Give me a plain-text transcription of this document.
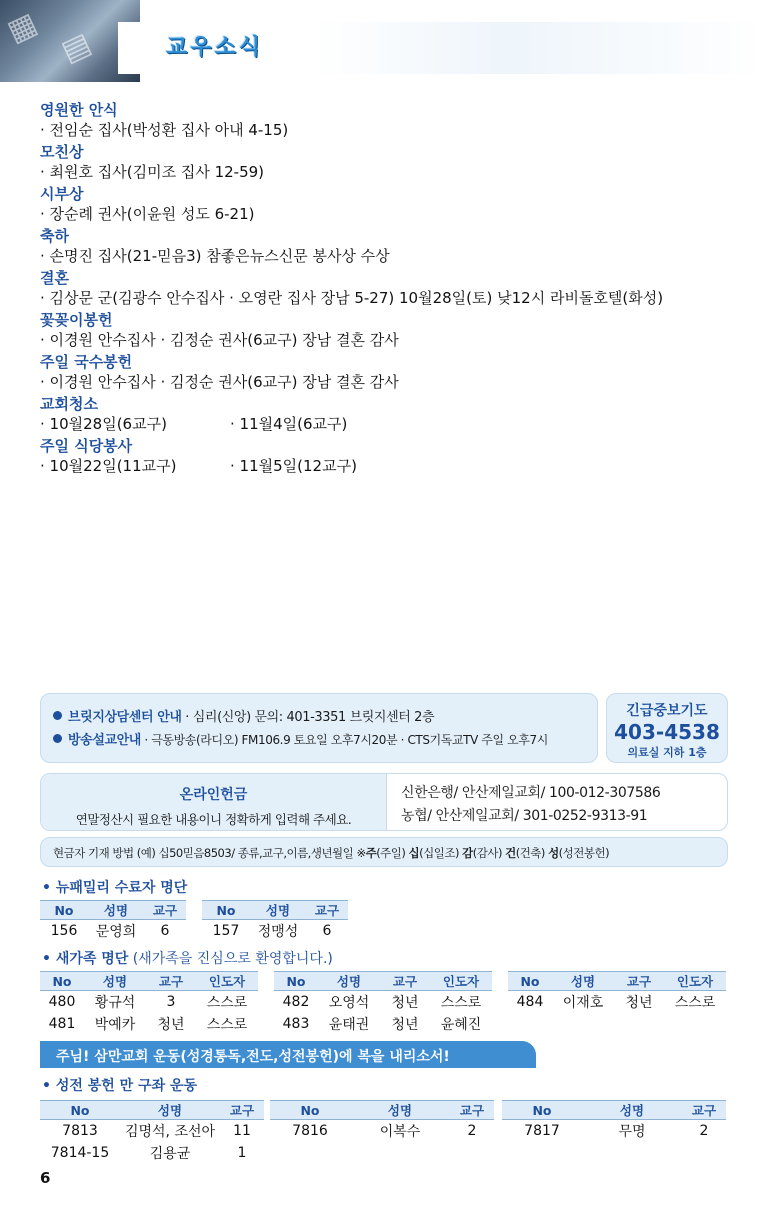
▦ ▤	교우소식
영원한 안식
· 전임순 집사(박성환 집사 아내 4-15)
모친상
· 최원호 집사(김미조 집사 12-59)
시부상
· 장순례 권사(이윤원 성도 6-21)
축하
· 손명진 집사(21-믿음3) 참좋은뉴스신문 봉사상 수상
결혼
· 김상문 군(김광수 안수집사 · 오영란 집사 장남 5-27) 10월28일(토) 낮12시 라비돌호텔(화성)
꽃꽂이봉헌
· 이경원 안수집사 · 김정순 권사(6교구) 장남 결혼 감사
주일 국수봉헌
· 이경원 안수집사 · 김정순 권사(6교구) 장남 결혼 감사
교회청소
· 10월28일(6교구)	· 11월4일(6교구)
주일 식당봉사
· 10월22일(11교구)	· 11월5일(12교구)
브릿지상담센터 안내 · 심리(신앙) 문의: 401-3351 브릿지센터 2층
방송설교안내 · 극동방송(라디오) FM106.9 토요일 오후7시20분 · CTS기독교TV 주일 오후7시
긴급중보기도
403-4538
의료실 지하 1층
온라인헌금
연말정산시 필요한 내용이니 정확하게 입력해 주세요.
신한은행/ 안산제일교회/ 100-012-307586
농협/ 안산제일교회/ 301-0252-9313-91
현금자 기재 방법 (예) 십50믿음8503/ 종류,교구,이름,생년월일 ※주(주일) 십(십일조) 감(감사) 건(건축) 성(성전봉헌)
• 뉴패밀리 수료자 명단
No	성명	교구
156	문영희	6
No	성명	교구
157	정맹성	6
• 새가족 명단 (새가족을 진심으로 환영합니다.)
No	성명	교구	인도자
480	황규석	3	스스로
481	박예카	청년	스스로
No	성명	교구	인도자
482	오영석	청년	스스로
483	윤태권	청년	윤혜진
No	성명	교구	인도자
484	이재호	청년	스스로
주님! 삼만교회 운동(성경통독,전도,성전봉헌)에 복을 내리소서!
• 성전 봉헌 만 구좌 운동
No	성명	교구
7813	김명석, 조선아	11
7814-15	김용균	1
No	성명	교구
7816	이복수	2
No	성명	교구
7817	무명	2
6
